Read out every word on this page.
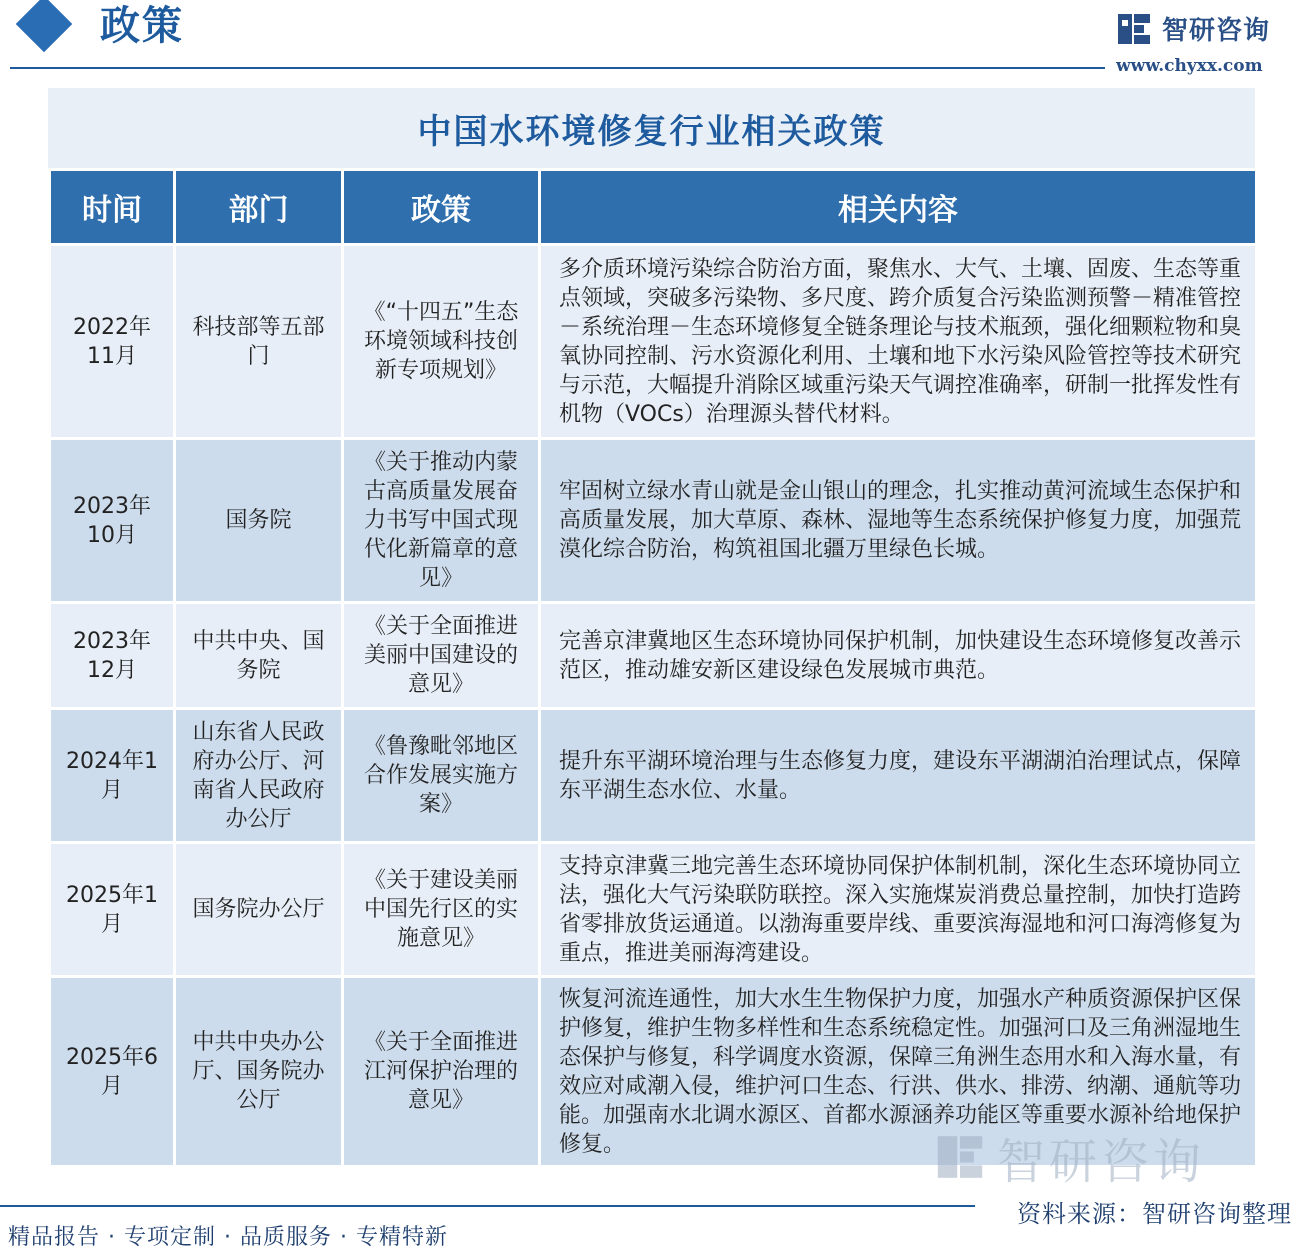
政策	智研咨询
www.chyxx.com
中国水环境修复行业相关政策
时间	部门	政策	相关内容
2022年11月	科技部等五部门	《“十四五”生态环境领域科技创新专项规划》	多介质环境污染综合防治方面，聚焦水、大气、土壤、固废、生态等重点领域，突破多污染物、多尺度、跨介质复合污染监测预警－精准管控－系统治理－生态环境修复全链条理论与技术瓶颈，强化细颗粒物和臭氧协同控制、污水资源化利用、土壤和地下水污染风险管控等技术研究与示范，大幅提升消除区域重污染天气调控准确率，研制一批挥发性有机物（VOCs）治理源头替代材料。
2023年10月	国务院	《关于推动内蒙古高质量发展奋力书写中国式现代化新篇章的意见》	牢固树立绿水青山就是金山银山的理念，扎实推动黄河流域生态保护和高质量发展，加大草原、森林、湿地等生态系统保护修复力度，加强荒漠化综合防治，构筑祖国北疆万里绿色长城。
2023年12月	中共中央、国务院	《关于全面推进美丽中国建设的意见》	完善京津冀地区生态环境协同保护机制，加快建设生态环境修复改善示范区，推动雄安新区建设绿色发展城市典范。
2024年1月	山东省人民政府办公厅、河南省人民政府办公厅	《鲁豫毗邻地区合作发展实施方案》	提升东平湖环境治理与生态修复力度，建设东平湖湖泊治理试点，保障东平湖生态水位、水量。
2025年1月	国务院办公厅	《关于建设美丽中国先行区的实施意见》	支持京津冀三地完善生态环境协同保护体制机制，深化生态环境协同立法，强化大气污染联防联控。深入实施煤炭消费总量控制，加快打造跨省零排放货运通道。以渤海重要岸线、重要滨海湿地和河口海湾修复为重点，推进美丽海湾建设。
2025年6月	中共中央办公厅、国务院办公厅	《关于全面推进江河保护治理的意见》	恢复河流连通性，加大水生生物保护力度，加强水产种质资源保护区保护修复，维护生物多样性和生态系统稳定性。加强河口及三角洲湿地生态保护与修复，科学调度水资源，保障三角洲生态用水和入海水量，有效应对咸潮入侵，维护河口生态、行洪、供水、排涝、纳潮、通航等功能。加强南水北调水源区、首都水源涵养功能区等重要水源补给地保护修复。	智研咨询
精品报告 · 专项定制 · 品质服务 · 专精特新
资料来源：智研咨询整理
